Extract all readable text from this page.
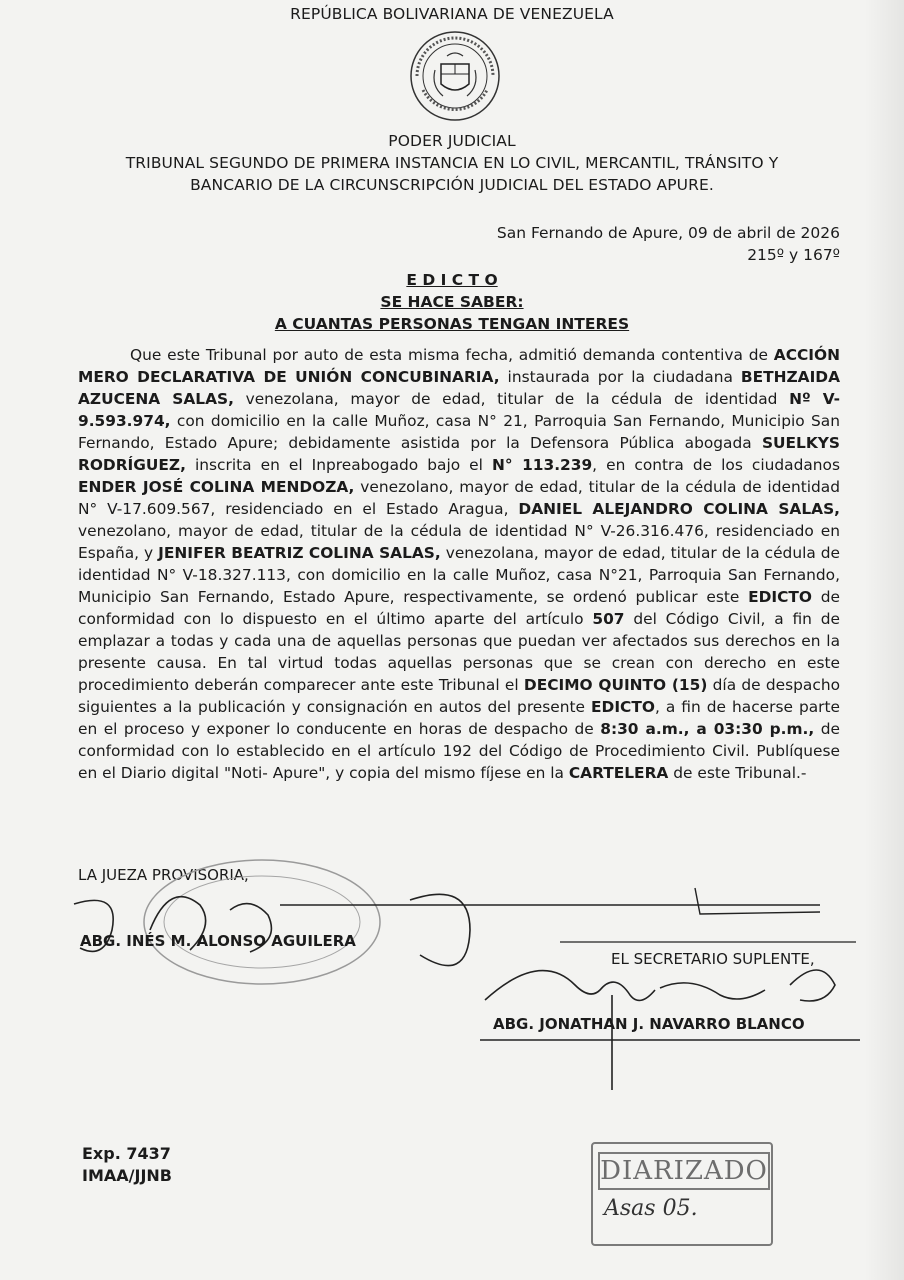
REPÚBLICA BOLIVARIANA DE VENEZUELA
PODER JUDICIAL
TRIBUNAL SEGUNDO DE PRIMERA INSTANCIA EN LO CIVIL, MERCANTIL, TRÁNSITO Y
BANCARIO DE LA CIRCUNSCRIPCIÓN JUDICIAL DEL ESTADO APURE.
San Fernando de Apure, 09 de abril de 2026
215º y 167º
E D I C T O
SE HACE SABER:
A CUANTAS PERSONAS TENGAN INTERES

Que este Tribunal por auto de esta misma fecha, admitió demanda contentiva de ACCIÓN MERO DECLARATIVA DE UNIÓN CONCUBINARIA, instaurada por la ciudadana BETHZAIDA AZUCENA SALAS, venezolana, mayor de edad, titular de la cédula de identidad Nº V-9.593.974, con domicilio en la calle Muñoz, casa N° 21, Parroquia San Fernando, Municipio San Fernando, Estado Apure; debidamente asistida por la Defensora Pública abogada SUELKYS RODRÍGUEZ, inscrita en el Inpreabogado bajo el N° 113.239, en contra de los ciudadanos ENDER JOSÉ COLINA MENDOZA, venezolano, mayor de edad, titular de la cédula de identidad N° V-17.609.567, residenciado en el Estado Aragua, DANIEL ALEJANDRO COLINA SALAS, venezolano, mayor de edad, titular de la cédula de identidad N° V-26.316.476, residenciado en España, y JENIFER BEATRIZ COLINA SALAS, venezolana, mayor de edad, titular de la cédula de identidad N° V-18.327.113, con domicilio en la calle Muñoz, casa N°21, Parroquia San Fernando, Municipio San Fernando, Estado Apure, respectivamente, se ordenó publicar este EDICTO de conformidad con lo dispuesto en el último aparte del artículo 507 del Código Civil, a fin de emplazar a todas y cada una de aquellas personas que puedan ver afectados sus derechos en la presente causa. En tal virtud todas aquellas personas que se crean con derecho en este procedimiento deberán comparecer ante este Tribunal el DECIMO QUINTO (15) día de despacho siguientes a la publicación y consignación en autos del presente EDICTO, a fin de hacerse parte en el proceso y exponer lo conducente en horas de despacho de 8:30 a.m., a 03:30 p.m., de conformidad con lo establecido en el artículo 192 del Código de Procedimiento Civil. Publíquese en el Diario digital "Noti- Apure", y copia del mismo fíjese en la CARTELERA de este Tribunal.-

LA JUEZA PROVISORIA,
ABG. INÉS M. ALONSO AGUILERA
EL SECRETARIO SUPLENTE,
ABG. JONATHAN J. NAVARRO BLANCO
Exp. 7437
IMAA/JJNB	DIARIZADO
Asas 05.
